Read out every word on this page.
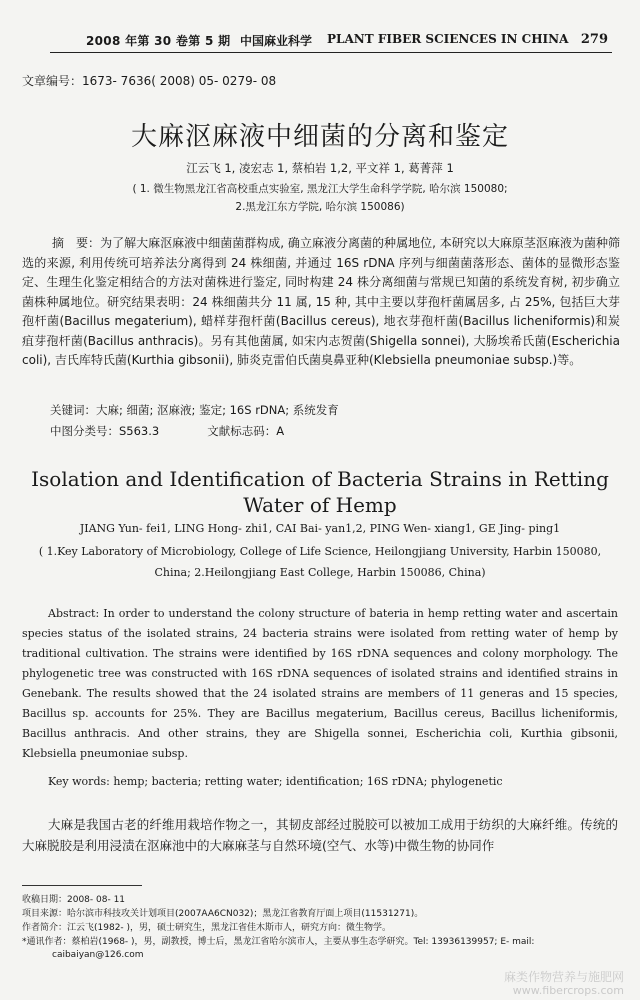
2008 年第 30 卷第 5 期 中国麻业科学 PLANT FIBER SCIENCES IN CHINA 279
文章编号：1673- 7636( 2008) 05- 0279- 08
大麻沤麻液中细菌的分离和鉴定
江云飞 1, 凌宏志 1, 蔡柏岩 1,2, 平文祥 1, 葛菁萍 1
( 1. 微生物黑龙江省高校重点实验室, 黑龙江大学生命科学学院, 哈尔滨 150080;
2.黑龙江东方学院, 哈尔滨 150086)
摘　要：为了解大麻沤麻液中细菌菌群构成, 确立麻液分离菌的种属地位, 本研究以大麻原茎沤麻液为菌种筛选的来源, 利用传统可培养法分离得到 24 株细菌, 并通过 16S rDNA 序列与细菌菌落形态、菌体的显微形态鉴定、生理生化鉴定相结合的方法对菌株进行鉴定, 同时构建 24 株分离细菌与常规已知菌的系统发育树, 初步确立菌株种属地位。研究结果表明：24 株细菌共分 11 属, 15 种, 其中主要以芽孢杆菌属居多, 占 25%, 包括巨大芽孢杆菌(Bacillus megaterium), 蜡样芽孢杆菌(Bacillus cereus), 地衣芽孢杆菌(Bacillus licheniformis)和炭疽芽孢杆菌(Bacillus anthracis)。另有其他菌属, 如宋内志贺菌(Shigella sonnei), 大肠埃希氏菌(Escherichia coli), 吉氏库特氏菌(Kurthia gibsonii), 肺炎克雷伯氏菌臭鼻亚种(Klebsiella pneumoniae subsp.)等。
关键词：大麻; 细菌; 沤麻液; 鉴定; 16S rDNA; 系统发育
中图分类号：S563.3	文献标志码：A
Isolation and Identification of Bacteria Strains in Retting
Water of Hemp
JIANG Yun- fei1, LING Hong- zhi1, CAI Bai- yan1,2, PING Wen- xiang1, GE Jing- ping1
( 1.Key Laboratory of Microbiology, College of Life Science, Heilongjiang University, Harbin 150080,
China; 2.Heilongjiang East College, Harbin 150086, China)
Abstract: In order to understand the colony structure of bateria in hemp retting water and ascertain species status of the isolated strains, 24 bacteria strains were isolated from retting water of hemp by traditional cultivation. The strains were identified by 16S rDNA sequences and colony morphology. The phylogenetic tree was constructed with 16S rDNA sequences of isolated strains and identified strains in Genebank. The results showed that the 24 isolated strains are members of 11 generas and 15 species, Bacillus sp. accounts for 25%. They are Bacillus megaterium, Bacillus cereus, Bacillus licheniformis, Bacillus anthracis. And other strains, they are Shigella sonnei, Escherichia coli, Kurthia gibsonii, Klebsiella pneumoniae subsp.
Key words: hemp; bacteria; retting water; identification; 16S rDNA; phylogenetic
大麻是我国古老的纤维用栽培作物之一，其韧皮部经过脱胶可以被加工成用于纺织的大麻纤维。传统的大麻脱胶是利用浸渍在沤麻池中的大麻麻茎与自然环境(空气、水等)中微生物的协同作
收稿日期：2008- 08- 11
项目来源：哈尔滨市科技攻关计划项目(2007AA6CN032)；黑龙江省教育厅面上项目(11531271)。
作者简介：江云飞(1982- )，男，硕士研究生，黑龙江省佳木斯市人，研究方向：微生物学。
*通讯作者：蔡柏岩(1968- )，男，副教授，博士后，黑龙江省哈尔滨市人，主要从事生态学研究。Tel: 13936139957; E- mail:
caibaiyan@126.com
麻类作物营养与施肥网
www.fibercrops.com
